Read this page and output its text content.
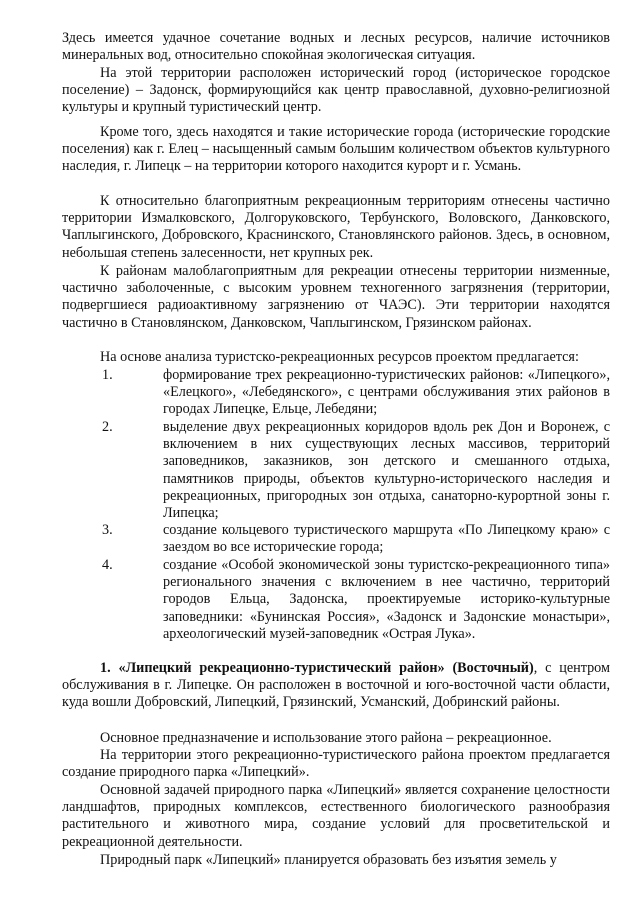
Здесь имеется удачное сочетание водных и лесных ресурсов, наличие источников минеральных вод, относительно спокойная экологическая ситуация.

На этой территории расположен исторический город (историческое городское поселение) – Задонск, формирующийся как центр православной, духовно-религиозной культуры и крупный туристический центр.

Кроме того, здесь находятся и такие исторические города (исторические городские поселения) как г. Елец – насыщенный самым большим количеством объектов культурного наследия, г. Липецк – на территории которого находится курорт и г. Усмань.

К относительно благоприятным рекреационным территориям отнесены частично территории Измалковского, Долгоруковского, Тербунского, Воловского, Данковского, Чаплыгинского, Добровского, Краснинского, Становлянского районов. Здесь, в основном, небольшая степень залесенности, нет крупных рек.

К районам малоблагоприятным для рекреации отнесены территории низменные, частично заболоченные, с высоким уровнем техногенного загрязнения (территории, подвергшиеся радиоактивному загрязнению от ЧАЭС). Эти территории находятся частично в Становлянском, Данковском, Чаплыгинском, Грязинском районах.

На основе анализа туристско-рекреационных ресурсов проектом предлагается:

1.	формирование трех рекреационно-туристических районов: «Липецкого», «Елецкого», «Лебедянского», с центрами обслуживания этих районов в городах Липецке, Ельце, Лебедяни;
2.	выделение двух рекреационных коридоров вдоль рек Дон и Воронеж, с включением в них существующих лесных массивов, территорий заповедников, заказников, зон детского и смешанного отдыха, памятников природы, объектов культурно-исторического наследия и рекреационных, пригородных зон отдыха, санаторно-курортной зоны г. Липецка;
3.	создание кольцевого туристического маршрута «По Липецкому краю» с заездом во все исторические города;
4.	создание «Особой экономической зоны туристско-рекреационного типа» регионального значения с включением в нее частично, территорий городов Ельца, Задонска, проектируемые историко-культурные заповедники: «Бунинская Россия», «Задонск и Задонские монастыри», археологический музей-заповедник «Острая Лука».

1. «Липецкий рекреационно-туристический район» (Восточный), с центром обслуживания в г. Липецке. Он расположен в восточной и юго-восточной части области, куда вошли Добровский, Липецкий, Грязинский, Усманский, Добринский районы.

Основное предназначение и использование этого района – рекреационное.

На территории этого рекреационно-туристического района проектом предлагается создание природного парка «Липецкий».

Основной задачей природного парка «Липецкий» является сохранение целостности ландшафтов, природных комплексов, естественного биологического разнообразия растительного и животного мира, создание условий для просветительской и рекреационной деятельности.

Природный парк «Липецкий» планируется образовать без изъятия земель у
